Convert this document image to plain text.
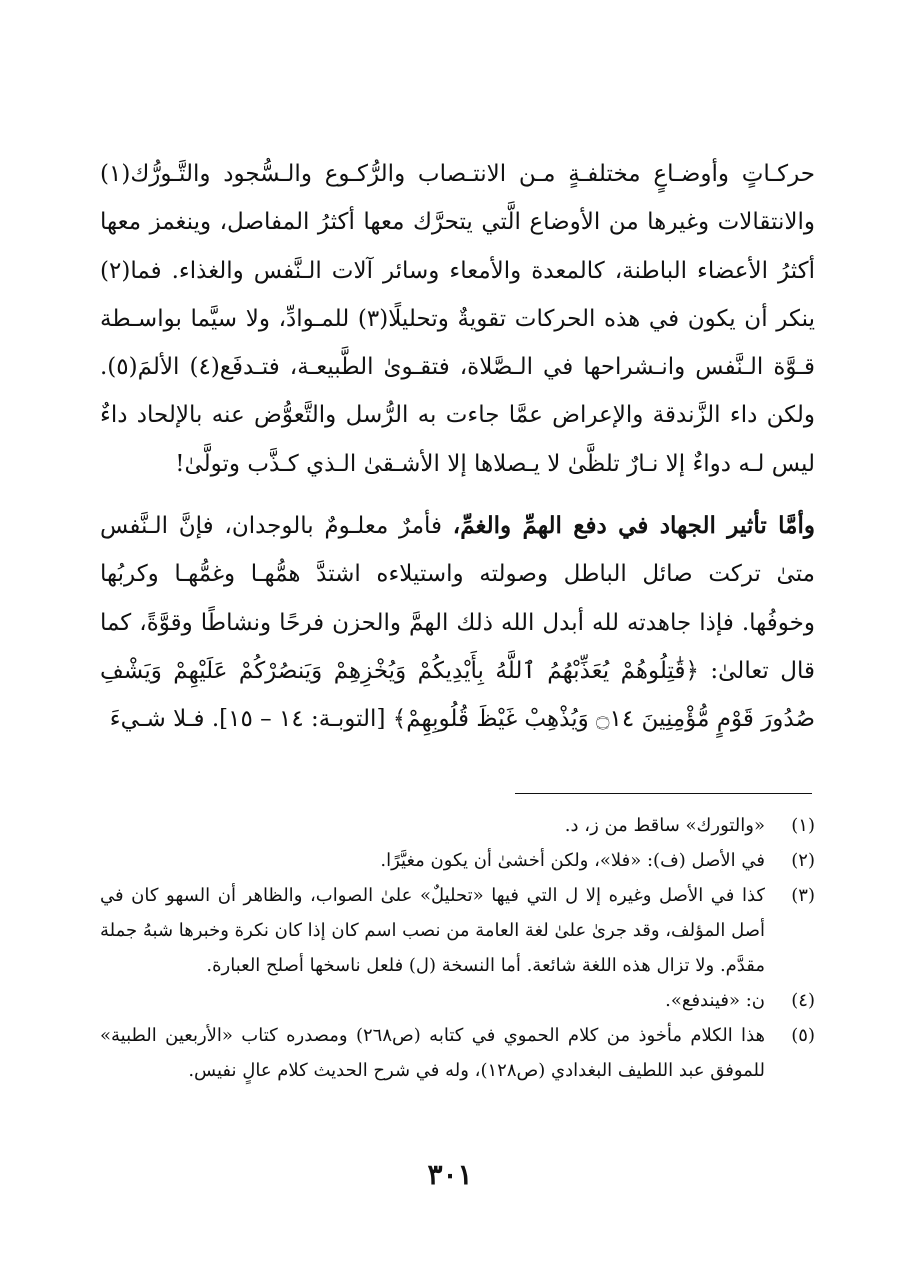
حركـاتٍ وأوضـاعٍ مختلفـةٍ مـن الانتـصاب والرُّكـوع والـسُّجود والتَّـورُّك(١) والانتقالات وغيرها من الأوضاع الَّتي يتحرَّك معها أكثرُ المفاصل، وينغمز معها أكثرُ الأعضاء الباطنة، كالمعدة والأمعاء وسائر آلات الـنَّفس والغذاء. فما(٢) ينكر أن يكون في هذه الحركات تقويةٌ وتحليلًا(٣) للمـوادِّ، ولا سيَّما بواسـطة قـوَّة الـنَّفس وانـشراحها في الـصَّلاة، فتقـوىٰ الطَّبيعـة، فتـدفَع(٤) الألمَ(٥). ولكن داء الزَّندقة والإعراض عمَّا جاءت به الرُّسل والتَّعوُّض عنه بالإلحاد داءٌ ليس لـه دواءٌ إلا نـارٌ تلظَّىٰ لا يـصلاها إلا الأشـقىٰ الـذي كـذَّب وتولَّىٰ!

وأمَّا تأثير الجهاد في دفع الهمِّ والغمِّ، فأمرٌ معلـومٌ بالوجدان، فإنَّ الـنَّفس متىٰ تركت صائل الباطل وصولته واستيلاءه اشتدَّ همُّهـا وغمُّهـا وكربُها وخوفُها. فإذا جاهدته لله أبدل الله ذلك الهمَّ والحزن فرحًا ونشاطًا وقوَّةً، كما قال تعالىٰ: ﴿قَٰتِلُوهُمْ يُعَذِّبْهُمُ ٱللَّهُ بِأَيْدِيكُمْ وَيُخْزِهِمْ وَيَنصُرْكُمْ عَلَيْهِمْ وَيَشْفِ صُدُورَ قَوْمٍ مُّؤْمِنِينَ ۝١٤ وَيُذْهِبْ غَيْظَ قُلُوبِهِمْ﴾ [التوبـة: ١٤ – ١٥]. فـلا شـيءَ

(١)
«والتورك» ساقط من ز، د.
(٢)
في الأصل (ف): «فلا»، ولكن أخشىٰ أن يكون مغيَّرًا.
(٣)
كذا في الأصل وغيره إلا ل التي فيها «تحليلٌ» علىٰ الصواب، والظاهر أن السهو كان في أصل المؤلف، وقد جرىٰ علىٰ لغة العامة من نصب اسم كان إذا كان نكرة وخبرها شبهُ جملة مقدَّم. ولا تزال هذه اللغة شائعة. أما النسخة (ل) فلعل ناسخها أصلح العبارة.
(٤)
ن: «فيندفع».
(٥)
هذا الكلام مأخوذ من كلام الحموي في كتابه (ص٢٦٨) ومصدره كتاب «الأربعين الطبية» للموفق عبد اللطيف البغدادي (ص١٢٨)، وله في شرح الحديث كلام عالٍ نفيس.
٣٠١
